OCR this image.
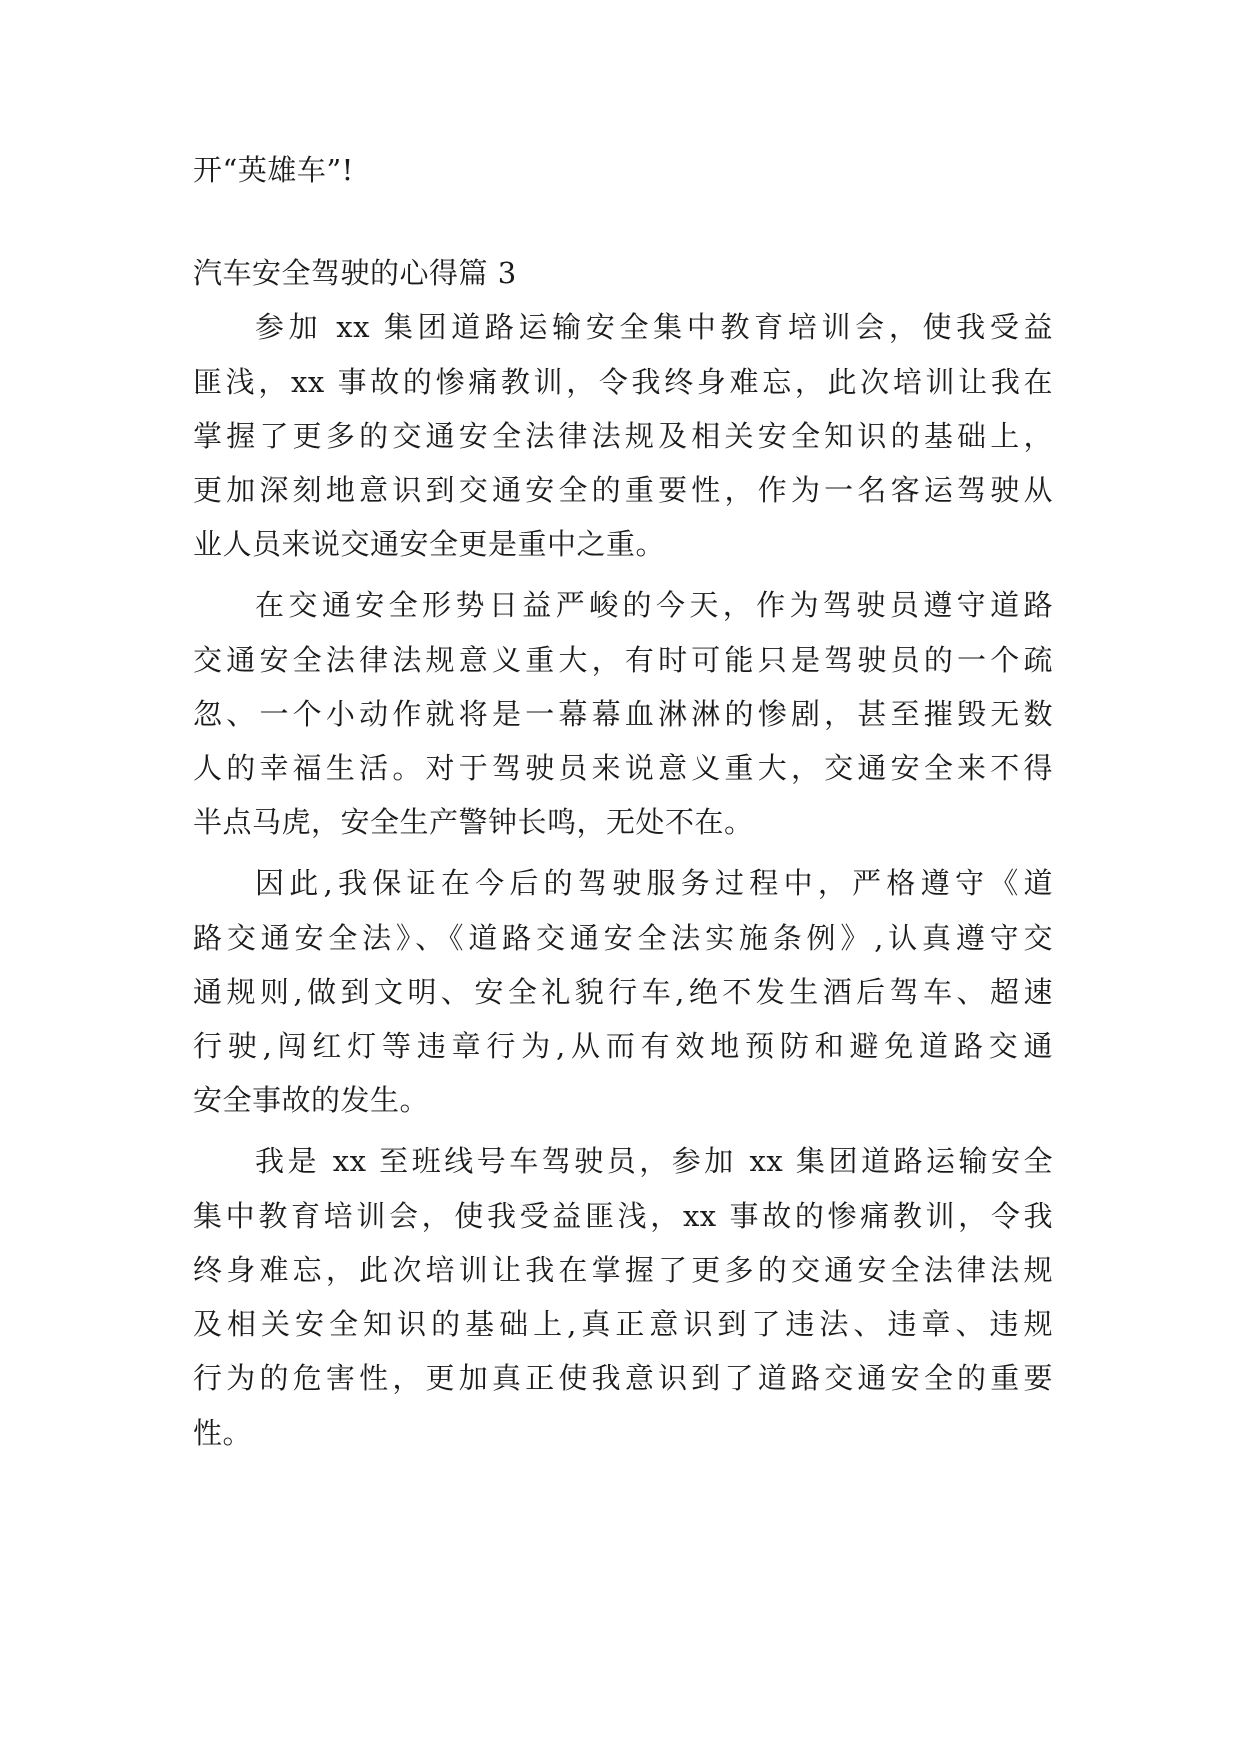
开“英雄车”!
汽车安全驾驶的心得篇 3
参加 xx 集团道路运输安全集中教育培训会，使我受益
匪浅，xx 事故的惨痛教训，令我终身难忘，此次培训让我在
掌握了更多的交通安全法律法规及相关安全知识的基础上，
更加深刻地意识到交通安全的重要性，作为一名客运驾驶从
业人员来说交通安全更是重中之重。
在交通安全形势日益严峻的今天，作为驾驶员遵守道路
交通安全法律法规意义重大，有时可能只是驾驶员的一个疏
忽、一个小动作就将是一幕幕血淋淋的惨剧，甚至摧毁无数
人的幸福生活。对于驾驶员来说意义重大，交通安全来不得
半点马虎，安全生产警钟长鸣，无处不在。
因此,我保证在今后的驾驶服务过程中，严格遵守《道
路交通安全法》、《道路交通安全法实施条例》,认真遵守交
通规则,做到文明、安全礼貌行车,绝不发生酒后驾车、超速
行驶,闯红灯等违章行为,从而有效地预防和避免道路交通
安全事故的发生。
我是 xx 至班线号车驾驶员，参加 xx 集团道路运输安全
集中教育培训会，使我受益匪浅，xx 事故的惨痛教训，令我
终身难忘，此次培训让我在掌握了更多的交通安全法律法规
及相关安全知识的基础上,真正意识到了违法、违章、违规
行为的危害性，更加真正使我意识到了道路交通安全的重要
性。
